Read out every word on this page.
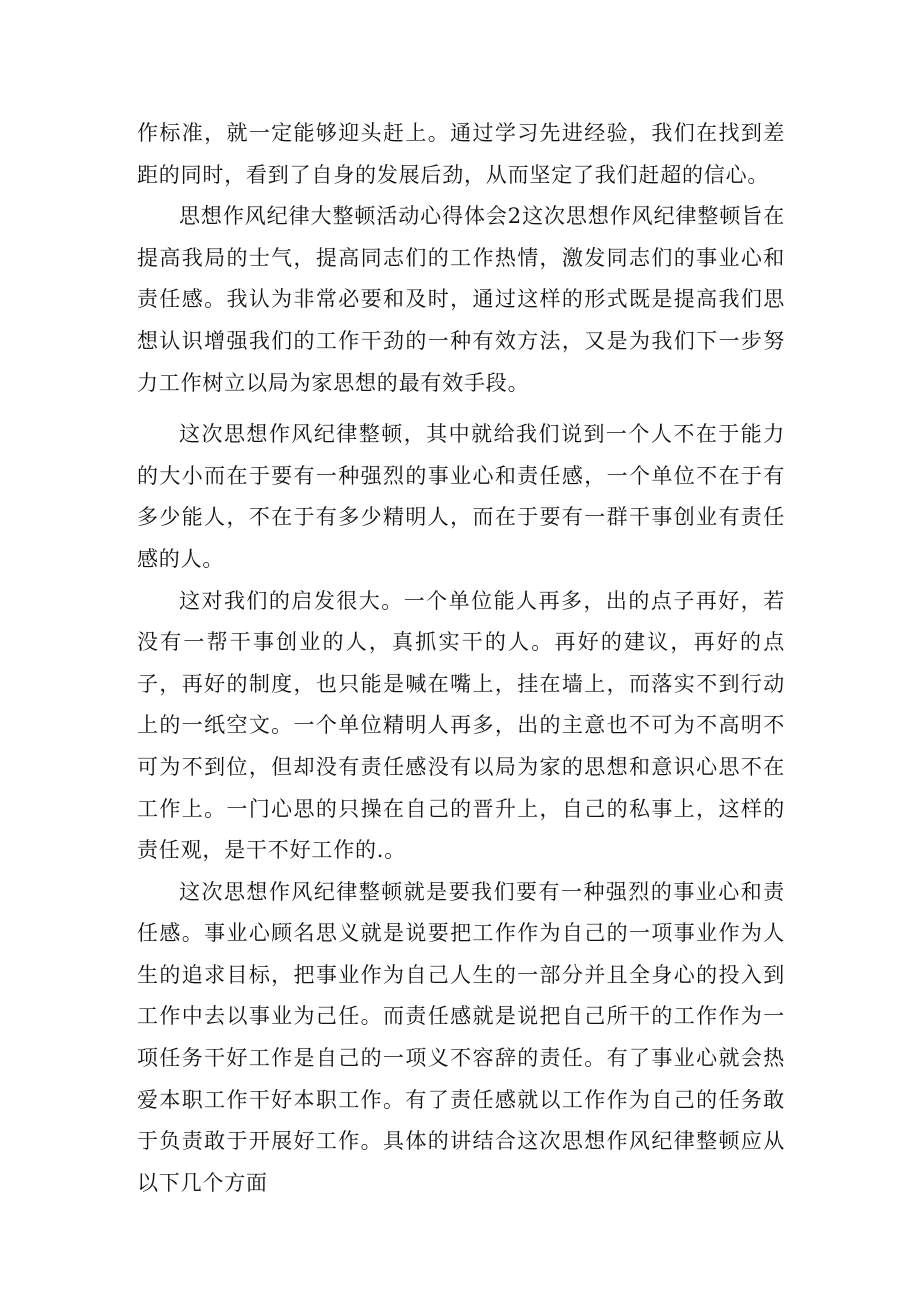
作标准，就一定能够迎头赶上。通过学习先进经验，我们在找到差距的同时，看到了自身的发展后劲，从而坚定了我们赶超的信心。

思想作风纪律大整顿活动心得体会2这次思想作风纪律整顿旨在提高我局的士气，提高同志们的工作热情，激发同志们的事业心和责任感。我认为非常必要和及时，通过这样的形式既是提高我们思想认识增强我们的工作干劲的一种有效方法，又是为我们下一步努力工作树立以局为家思想的最有效手段。

这次思想作风纪律整顿，其中就给我们说到一个人不在于能力的大小而在于要有一种强烈的事业心和责任感，一个单位不在于有多少能人，不在于有多少精明人，而在于要有一群干事创业有责任感的人。

这对我们的启发很大。一个单位能人再多，出的点子再好，若没有一帮干事创业的人，真抓实干的人。再好的建议，再好的点子，再好的制度，也只能是喊在嘴上，挂在墙上，而落实不到行动上的一纸空文。一个单位精明人再多，出的主意也不可为不高明不可为不到位，但却没有责任感没有以局为家的思想和意识心思不在工作上。一门心思的只操在自己的晋升上，自己的私事上，这样的责任观，是干不好工作的.。

这次思想作风纪律整顿就是要我们要有一种强烈的事业心和责任感。事业心顾名思义就是说要把工作作为自己的一项事业作为人生的追求目标，把事业作为自己人生的一部分并且全身心的投入到工作中去以事业为己任。而责任感就是说把自己所干的工作作为一项任务干好工作是自己的一项义不容辞的责任。有了事业心就会热爱本职工作干好本职工作。有了责任感就以工作作为自己的任务敢于负责敢于开展好工作。具体的讲结合这次思想作风纪律整顿应从以下几个方面
